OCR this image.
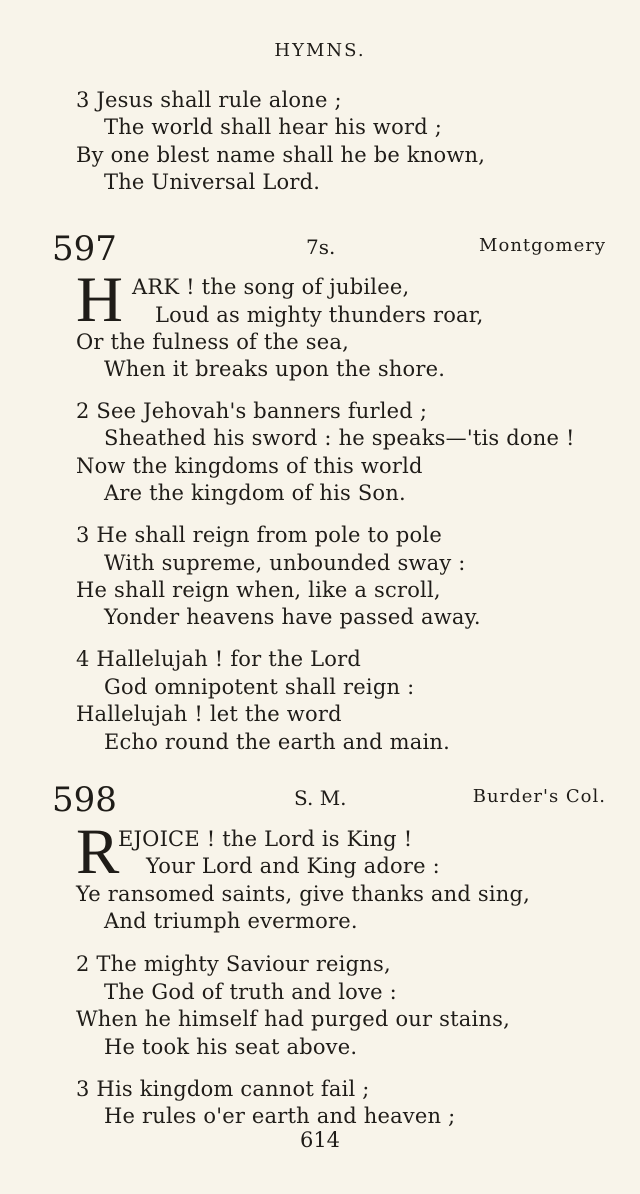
HYMNS.
3 Jesus shall rule alone ;
The world shall hear his word ;
By one blest name shall he be known,
The Universal Lord.
597	7s.	Montgomery
H ARK ! the song of jubilee,
Loud as mighty thunders roar,
Or the fulness of the sea,
When it breaks upon the shore.
2 See Jehovah's banners furled ;
Sheathed his sword : he speaks—'tis done !
Now the kingdoms of this world
Are the kingdom of his Son.
3 He shall reign from pole to pole
With supreme, unbounded sway :
He shall reign when, like a scroll,
Yonder heavens have passed away.
4 Hallelujah ! for the Lord
God omnipotent shall reign :
Hallelujah ! let the word
Echo round the earth and main.
598	S. M.	Burder's Col.
R
EJOICE ! the Lord is King !
Your Lord and King adore :
Ye ransomed saints, give thanks and sing,
And triumph evermore.
2 The mighty Saviour reigns,
The God of truth and love :
When he himself had purged our stains,
He took his seat above.
3 His kingdom cannot fail ;
He rules o'er earth and heaven ;
614
